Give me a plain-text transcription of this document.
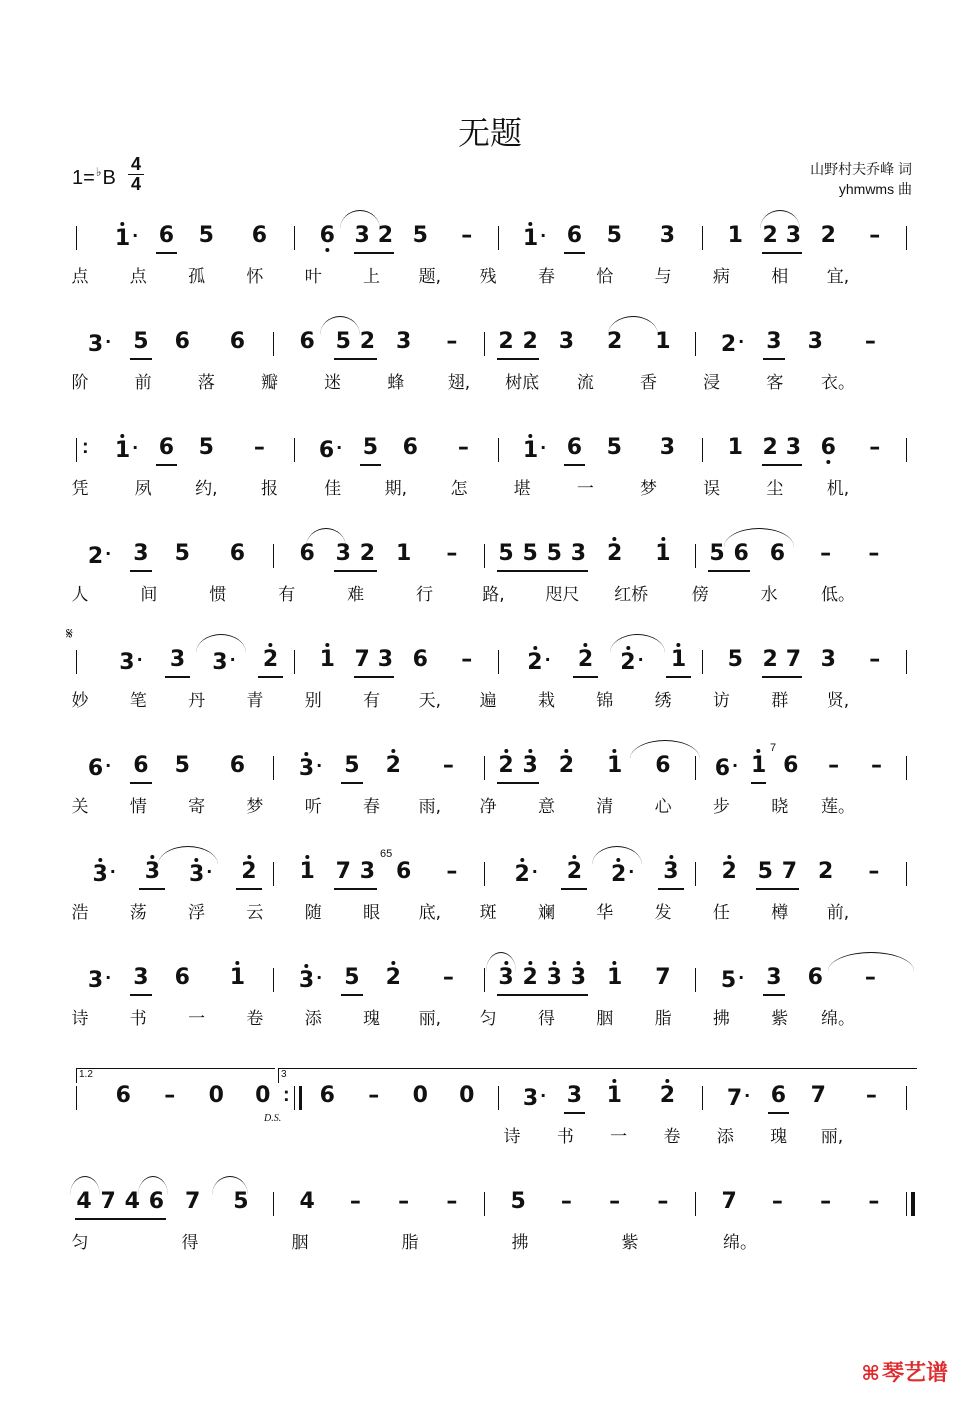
无题
1=♭B
4
4
山野村夫乔峰 词
yhmwms 曲
1 · 6 5 6 6 3 2 5 – 1 · 6 5 3 1 2 3 2 –
点 点 孤 怀 叶 上 题, 残 春 恰 与 病 相 宜,
3 · 5 6 6 6 5 2 3 – 2 2 3 2 1 2 · 3 3 –
阶	前	落	瓣	迷	蜂	翅, 树底 流	香	浸	客 衣。
:
1 · 6 5 – 6 · 5 6 – 1 · 6 5 3 1 2 3 6 –
凭	夙	约,	报	佳	期,	怎	堪	一	梦	误	尘	机,
2 · 3 5 6 6 3 2 1 – 5 5 5 3 2 1 5 6 6 – –
人	间	惯	有	难	行	路, 咫尺 红桥	傍	水	低。
3 · 3 3 · 2 1 7 3 6 –	2 · 2 2 · 1 5 2 7 3 –
妙 笔 丹 青 别 有 天, 遍 栽 锦 绣 访 群 贤,
6 · 6 5 6 3 · 5 2 – 2 3 2 1 6 6 · 1 6 – –
关 情 寄 梦 听 春 雨, 净 意 清 心 步 晓 莲。
3 · 3 3 · 2 1 7 3 6 –	2 · 2 2 · 3 2 5 7 2 –
浩 荡 浮 云 随 眼 底, 斑 斓 华 发 任 樽 前,
3 · 3 6 1 3 · 5 2 – 3 2 3 3 1 7 5 · 3 6 –
诗 书 一 卷 添 瑰 丽, 匀 得 胭 脂 拂 紫 绵。
6 – 0 0
: 6 – 0 0 3 · 3 1 2 7 · 6 7 –
诗 书 一 卷 添 瑰 丽,
4 7 4 6 7 5 4 – – – 5 – – – 7 – – –
匀	得	胭	脂	拂	紫	绵。
𝄋
1.2	3
D.S.
7
65
⌘琴艺谱
